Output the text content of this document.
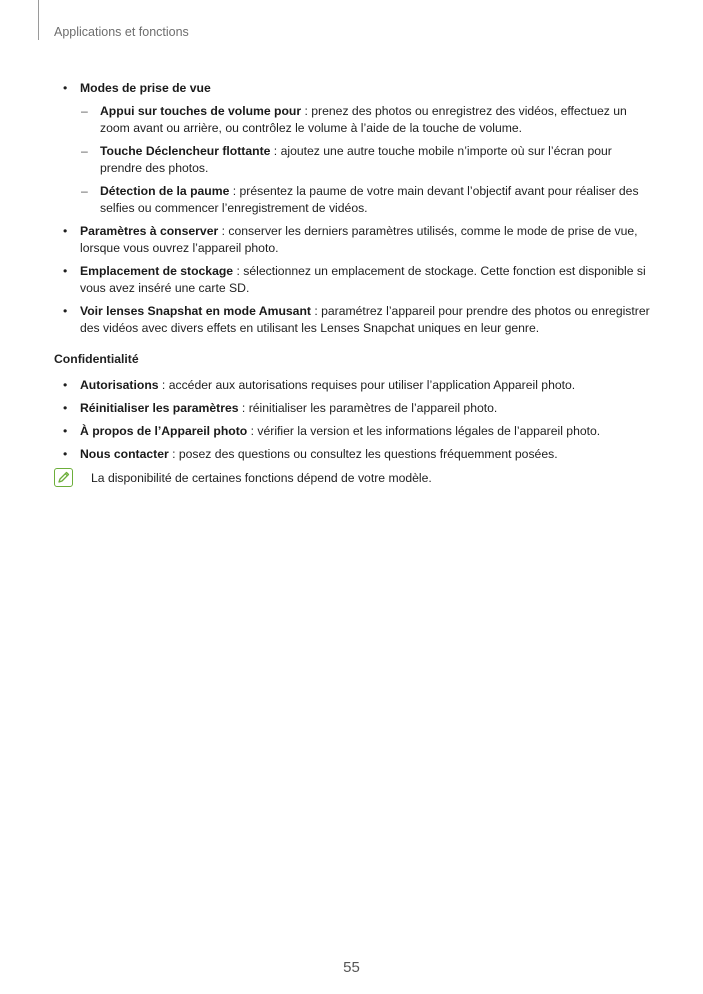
Applications et fonctions
• Modes de prise de vue
– Appui sur touches de volume pour : prenez des photos ou enregistrez des vidéos, effectuez un zoom avant ou arrière, ou contrôlez le volume à l’aide de la touche de volume.
– Touche Déclencheur flottante : ajoutez une autre touche mobile n’importe où sur l’écran pour prendre des photos.
– Détection de la paume : présentez la paume de votre main devant l’objectif avant pour réaliser des selfies ou commencer l’enregistrement de vidéos.
• Paramètres à conserver : conserver les derniers paramètres utilisés, comme le mode de prise de vue, lorsque vous ouvrez l’appareil photo.
• Emplacement de stockage : sélectionnez un emplacement de stockage. Cette fonction est disponible si vous avez inséré une carte SD.
• Voir lenses Snapshat en mode Amusant : paramétrez l’appareil pour prendre des photos ou enregistrer des vidéos avec divers effets en utilisant les Lenses Snapchat uniques en leur genre.
Confidentialité
• Autorisations : accéder aux autorisations requises pour utiliser l’application Appareil photo.
• Réinitialiser les paramètres : réinitialiser les paramètres de l’appareil photo.
• À propos de l’Appareil photo : vérifier la version et les informations légales de l’appareil photo.
• Nous contacter : posez des questions ou consultez les questions fréquemment posées.
La disponibilité de certaines fonctions dépend de votre modèle.
55
